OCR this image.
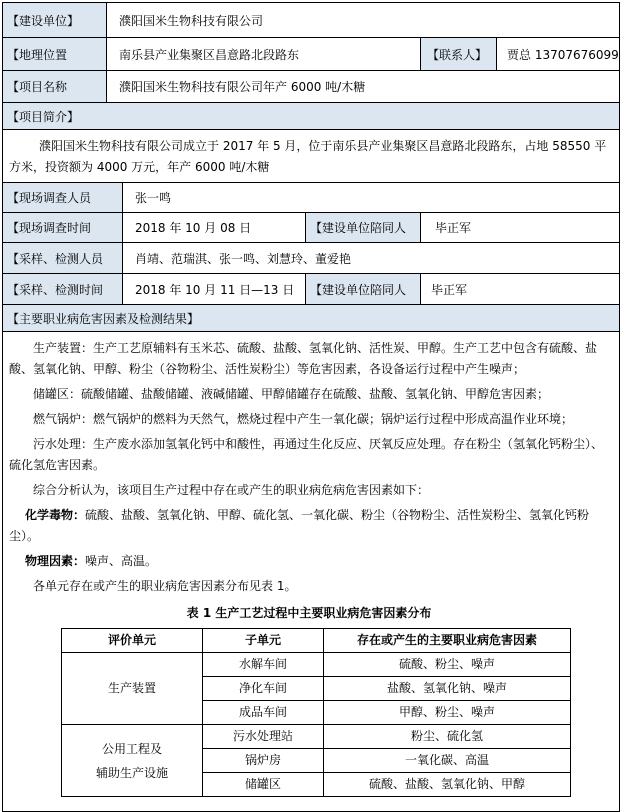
【建设单位】	濮阳国米生物科技有限公司
【地理位置	南乐县产业集聚区昌意路北段路东	【联系人】	贾总 13707676099
【项目名称	濮阳国米生物科技有限公司年产 6000 吨/木糖
【项目简介】
濮阳国米生物科技有限公司成立于 2017 年 5 月，位于南乐县产业集聚区昌意路北段路东，占地 58550 平方米，投资额为 4000 万元，年产 6000 吨/木糖
【现场调查人员	张一鸣
【现场调查时间	2018 年 10 月 08 日	【建设单位陪同人	毕正军
【采样、检测人员	肖靖、范瑞淇、张一鸣、刘慧玲、董爱艳
【采样、检测时间	2018 年 10 月 11 日—13 日	【建设单位陪同人	毕正军
【主要职业病危害因素及检测结果】

生产装置：生产工艺原辅料有玉米芯、硫酸、盐酸、氢氧化钠、活性炭、甲醇。生产工艺中包含有硫酸、盐酸、氢氧化钠、甲醇、粉尘（谷物粉尘、活性炭粉尘）等危害因素，各设备运行过程中产生噪声；

储罐区：硫酸储罐、盐酸储罐、液碱储罐、甲醇储罐存在硫酸、盐酸、氢氧化钠、甲醇危害因素；

燃气锅炉：燃气锅炉的燃料为天然气，燃烧过程中产生一氧化碳；锅炉运行过程中形成高温作业环境；

污水处理：生产废水添加氢氧化钙中和酸性，再通过生化反应、厌氧反应处理。存在粉尘（氢氧化钙粉尘）、硫化氢危害因素。

综合分析认为，该项目生产过程中存在或产生的职业病危病危害因素如下：

化学毒物：硫酸、盐酸、氢氧化钠、甲醇、硫化氢、一氧化碳、粉尘（谷物粉尘、活性炭粉尘、氢氧化钙粉尘）。

物理因素：噪声、高温。

各单元存在或产生的职业病危害因素分布见表 1。

表 1 生产工艺过程中主要职业病危害因素分布
评价单元	子单元	存在或产生的主要职业病危害因素
生产装置	水解车间	硫酸、粉尘、噪声
	净化车间	盐酸、氢氧化钠、噪声
	成品车间	甲醇、粉尘、噪声
公用工程及
辅助生产设施	污水处理站	粉尘、硫化氢
	锅炉房	一氧化碳、高温
	储罐区	硫酸、盐酸、氢氧化钠、甲醇
